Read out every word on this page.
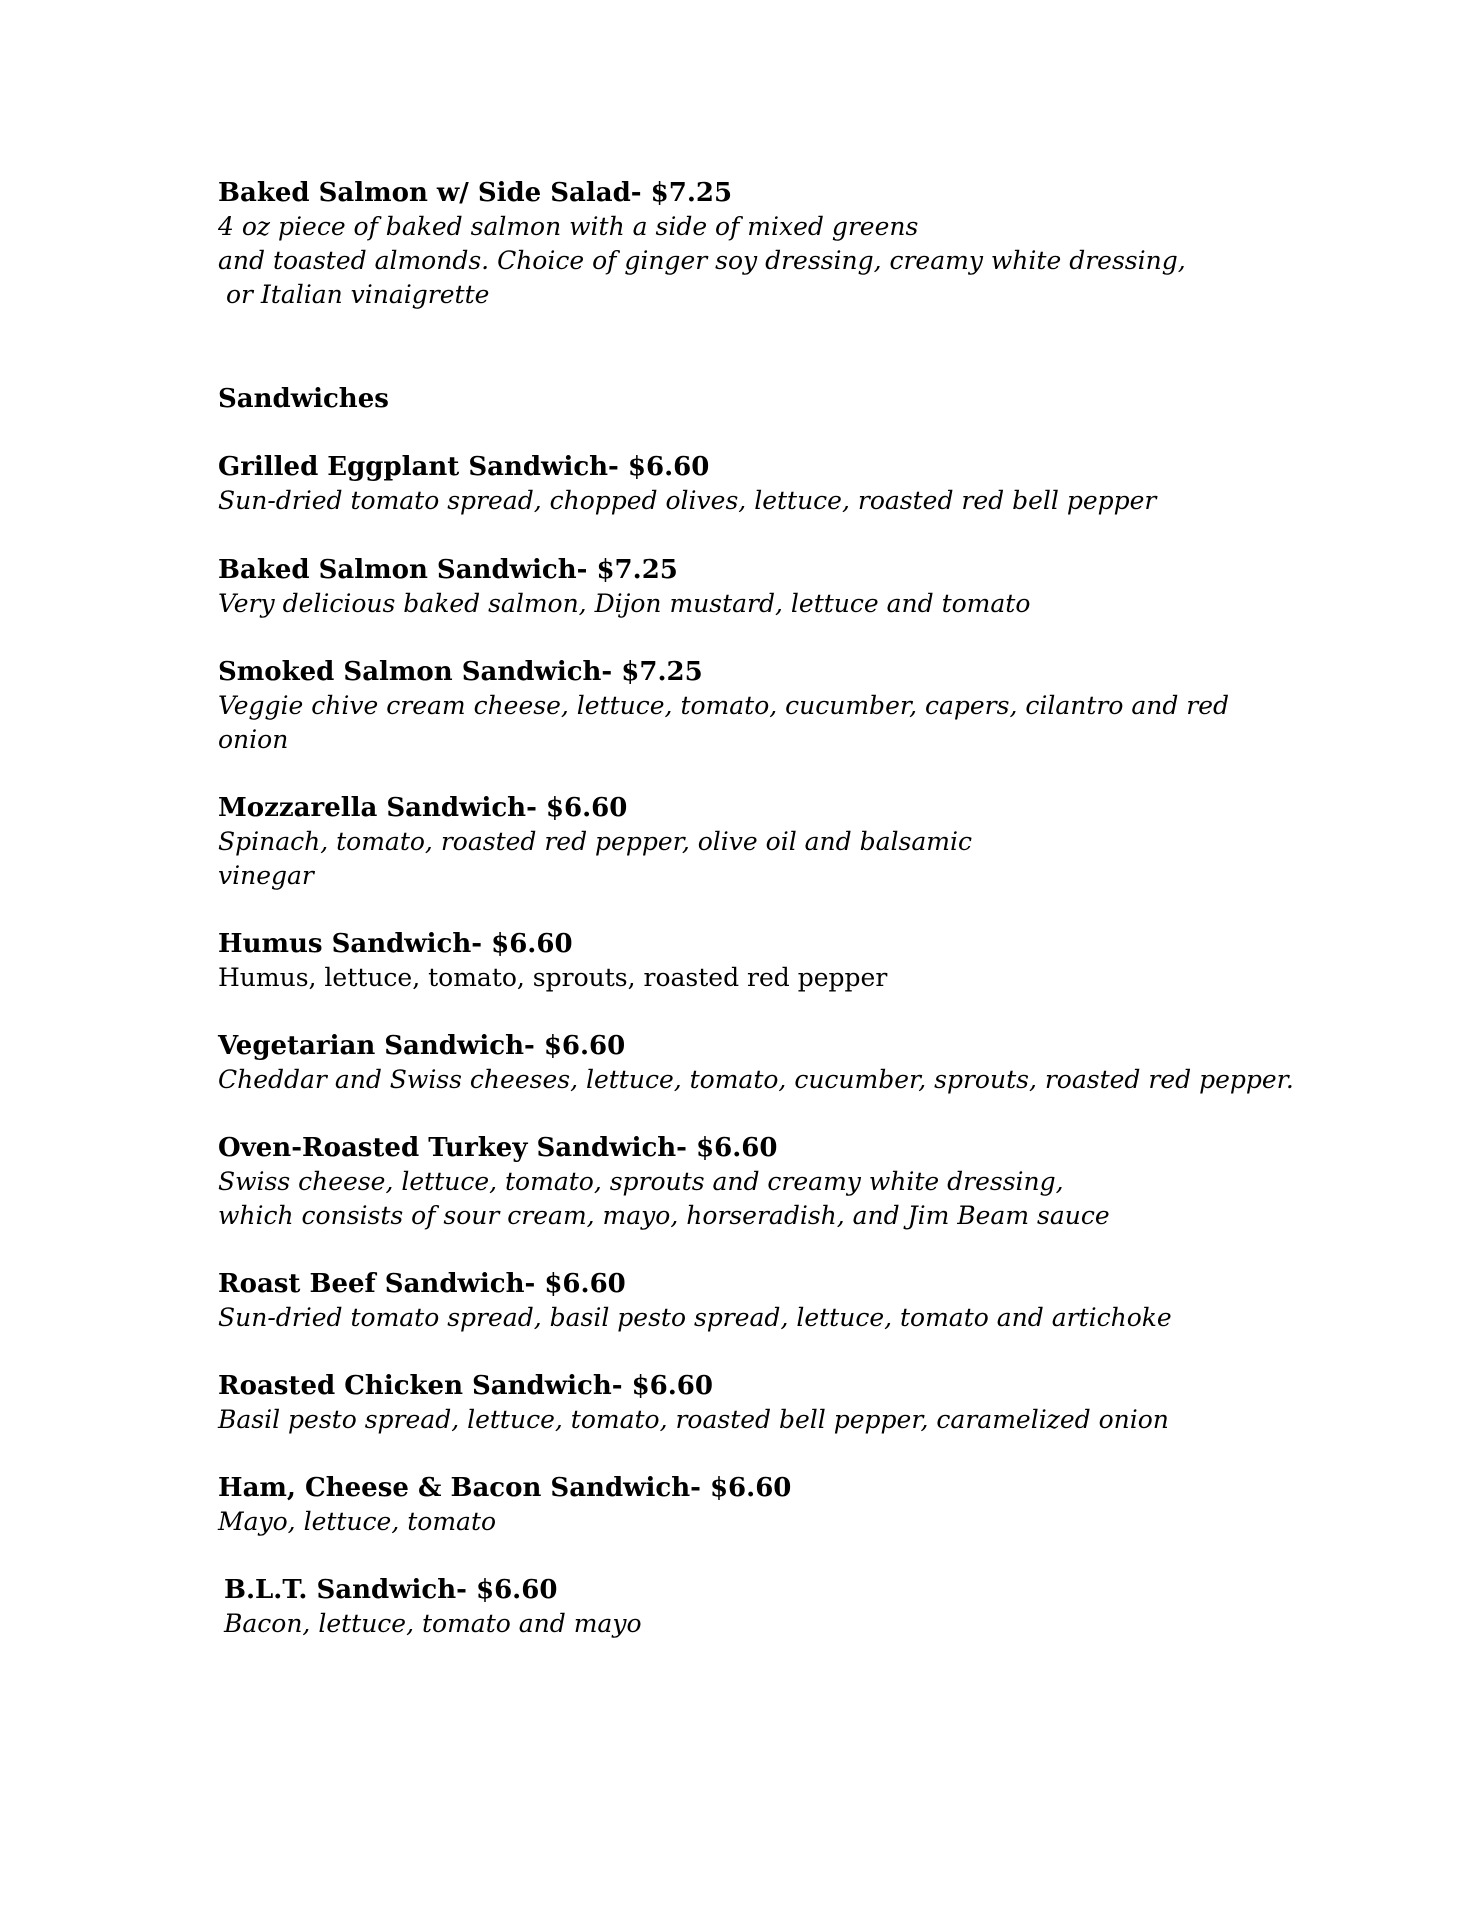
Baked Salmon w/ Side Salad- $7.25
4 oz piece of baked salmon with a side of mixed greens
and toasted almonds. Choice of ginger soy dressing, creamy white dressing,
or Italian vinaigrette
Sandwiches
Grilled Eggplant Sandwich- $6.60
Sun-dried tomato spread, chopped olives, lettuce, roasted red bell pepper
Baked Salmon Sandwich- $7.25
Very delicious baked salmon, Dijon mustard, lettuce and tomato
Smoked Salmon Sandwich- $7.25
Veggie chive cream cheese, lettuce, tomato, cucumber, capers, cilantro and red
onion
Mozzarella Sandwich- $6.60
Spinach, tomato, roasted red pepper, olive oil and balsamic
vinegar
Humus Sandwich- $6.60
Humus, lettuce, tomato, sprouts, roasted red pepper
Vegetarian Sandwich- $6.60
Cheddar and Swiss cheeses, lettuce, tomato, cucumber, sprouts, roasted red pepper.
Oven-Roasted Turkey Sandwich- $6.60
Swiss cheese, lettuce, tomato, sprouts and creamy white dressing,
which consists of sour cream, mayo, horseradish, and Jim Beam sauce
Roast Beef Sandwich- $6.60
Sun-dried tomato spread, basil pesto spread, lettuce, tomato and artichoke
Roasted Chicken Sandwich- $6.60
Basil pesto spread, lettuce, tomato, roasted bell pepper, caramelized onion
Ham, Cheese & Bacon Sandwich- $6.60
Mayo, lettuce, tomato
B.L.T. Sandwich- $6.60
Bacon, lettuce, tomato and mayo
